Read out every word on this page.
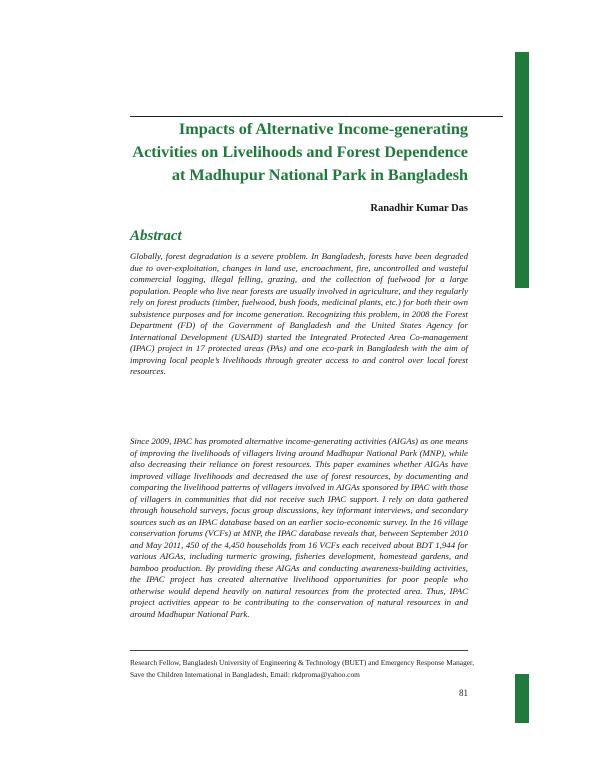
Impacts of Alternative Income-generating
Activities on Livelihoods and Forest Dependence
at Madhupur National Park in Bangladesh
Ranadhir Kumar Das
Abstract

Globally, forest degradation is a severe problem. In Bangladesh, forests have been degraded due to over-exploitation, changes in land use, encroachment, fire, uncontrolled and wasteful commercial logging, illegal felling, grazing, and the collection of fuelwood for a large population. People who live near forests are usually involved in agriculture, and they regularly rely on forest products (timber, fuelwood, bush foods, medicinal plants, etc.) for both their own subsistence purposes and for income generation. Recognizing this problem, in 2008 the Forest Department (FD) of the Government of Bangladesh and the United States Agency for International Development (USAID) started the Integrated Protected Area Co-management (IPAC) project in 17 protected areas (PAs) and one eco-park in Bangladesh with the aim of improving local people’s livelihoods through greater access to and control over local forest resources.

Since 2009, IPAC has promoted alternative income-generating activities (AIGAs) as one means of improving the livelihoods of villagers living around Madhupur National Park (MNP), while also decreasing their reliance on forest resources. This paper examines whether AIGAs have improved village livelihoods and decreased the use of forest resources, by documenting and comparing the livelihood patterns of villagers involved in AIGAs sponsored by IPAC with those of villagers in communities that did not receive such IPAC support. I rely on data gathered through household surveys, focus group discussions, key informant interviews, and secondary sources such as an IPAC database based on an earlier socio-economic survey. In the 16 village conservation forums (VCFs) at MNP, the IPAC database reveals that, between September 2010 and May 2011, 450 of the 4,450 households from 16 VCFs each received about BDT 1,944 for various AIGAs, including turmeric growing, fisheries development, homestead gardens, and bamboo production. By providing these AIGAs and conducting awareness-building activities, the IPAC project has created alternative livelihood opportunities for poor people who otherwise would depend heavily on natural resources from the protected area. Thus, IPAC project activities appear to be contributing to the conservation of natural resources in and around Madhupur National Park.

Research Fellow, Bangladesh University of Engineering & Technology (BUET) and Emergency Response Manager, Save the Children International in Bangladesh, Email: rkdproma@yahoo.com

81
